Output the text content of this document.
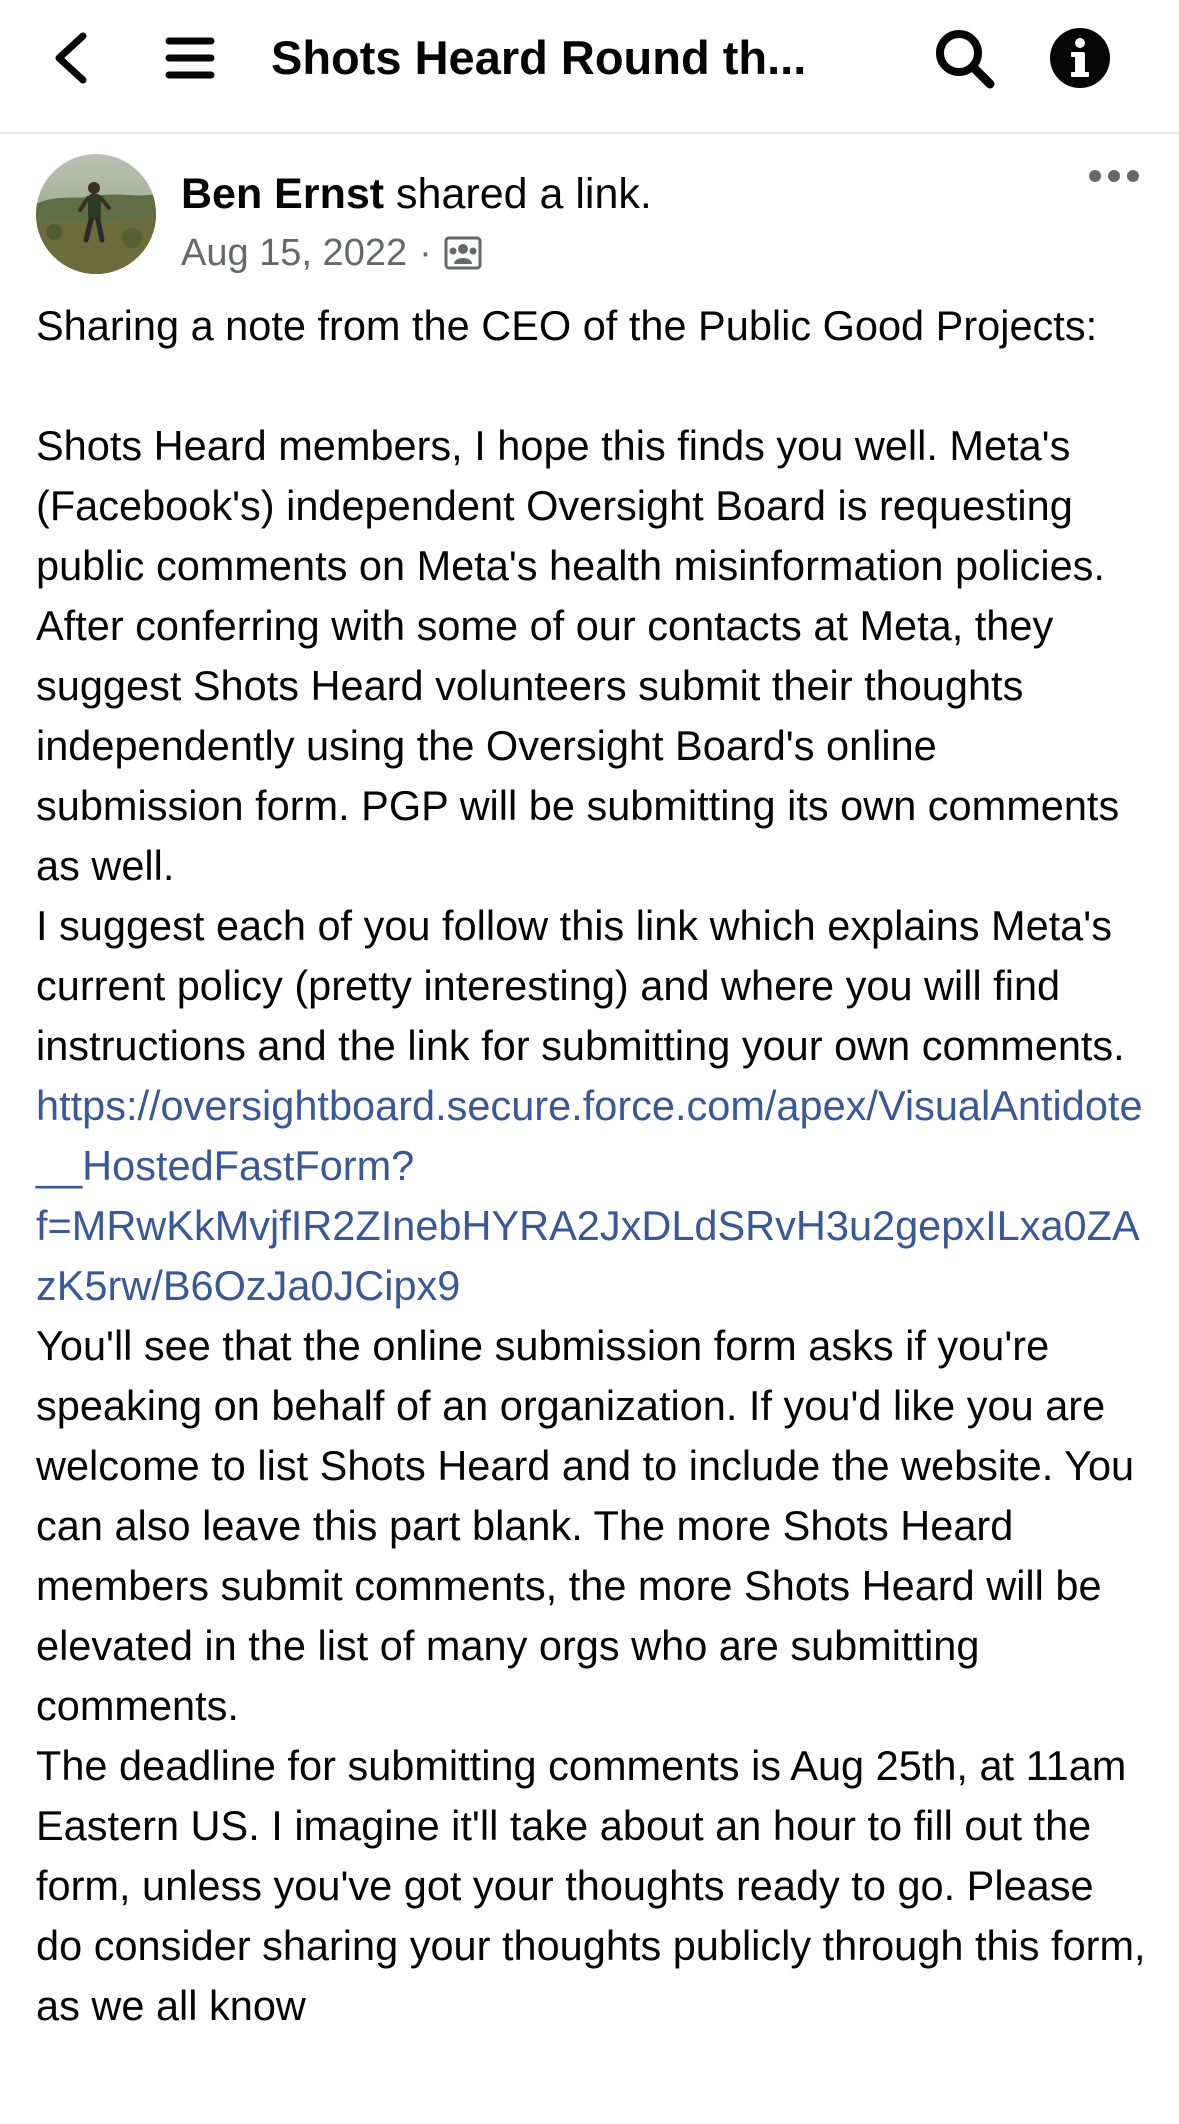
Shots Heard Round th...
Ben Ernst shared a link.
Aug 15, 2022 ·

Sharing a note from the CEO of the Public Good Projects:

Shots Heard members, I hope this finds you well. Meta's (Facebook's) independent Oversight Board is requesting public comments on Meta's health misinformation policies. After conferring with some of our contacts at Meta, they suggest Shots Heard volunteers submit their thoughts independently using the Oversight Board's online submission form. PGP will be submitting its own comments as well.

I suggest each of you follow this link which explains Meta's current policy (pretty interesting) and where you will find instructions and the link for submitting your own comments. https://oversightboard.secure.force.com/apex/VisualAntidote__HostedFastForm?f=MRwKkMvjfIR2ZInebHYRA2JxDLdSRvH3u2gepxILxa0ZAzK5rw/B6OzJa0JCipx9

You'll see that the online submission form asks if you're speaking on behalf of an organization. If you'd like you are welcome to list Shots Heard and to include the website. You can also leave this part blank. The more Shots Heard members submit comments, the more Shots Heard will be elevated in the list of many orgs who are submitting comments.

The deadline for submitting comments is Aug 25th, at 11am Eastern US. I imagine it'll take about an hour to fill out the form, unless you've got your thoughts ready to go. Please do consider sharing your thoughts publicly through this form, as we all know
